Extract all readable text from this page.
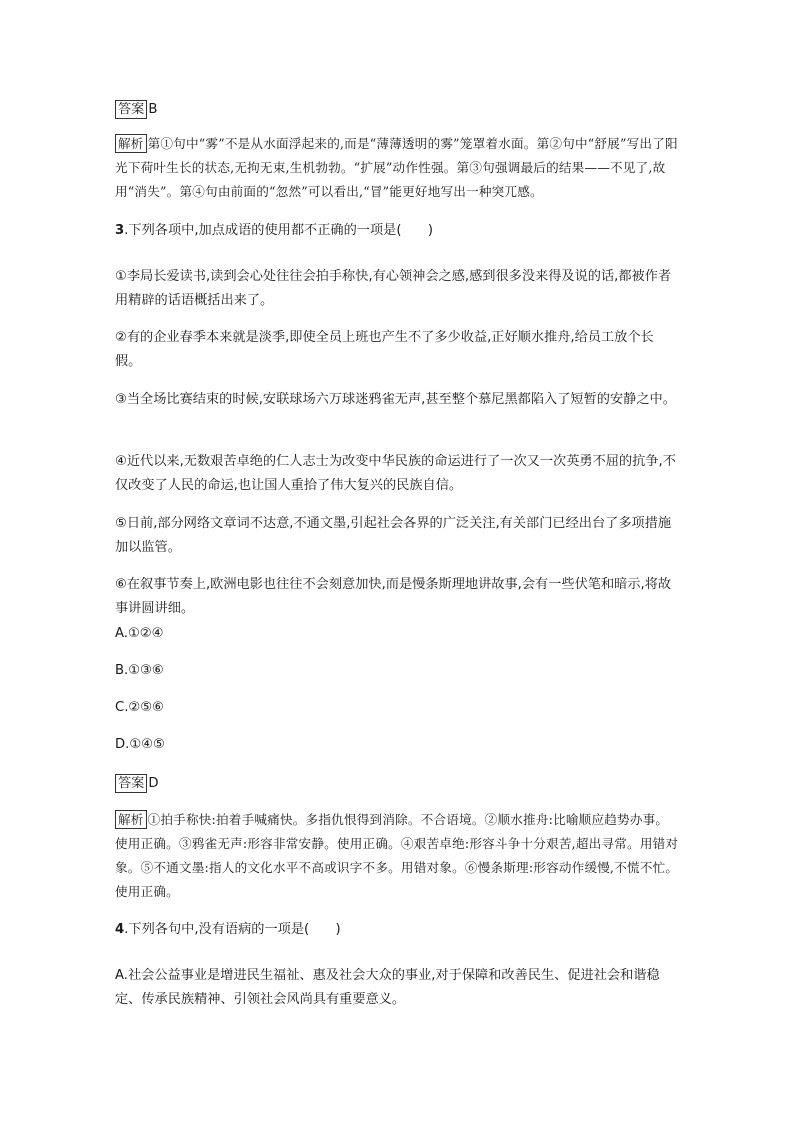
答案 B

解析 第①句中“雾”不是从水面浮起来的,而是“薄薄透明的雾”笼罩着水面。第②句中“舒展”写出了阳光下荷叶生长的状态,无拘无束,生机勃勃。“扩展”动作性强。第③句强调最后的结果——不见了,故用“消失”。第④句由前面的“忽然”可以看出,“冒”能更好地写出一种突兀感。

3.下列各项中,加点成语的使用都不正确的一项是(　　)

①李局长爱读书,读到会心处往往会拍手称快,有心领神会之感,感到很多没来得及说的话,都被作者用精辟的话语概括出来了。

②有的企业春季本来就是淡季,即使全员上班也产生不了多少收益,正好顺水推舟,给员工放个长假。

③当全场比赛结束的时候,安联球场六万球迷鸦雀无声,甚至整个慕尼黑都陷入了短暂的安静之中。

④近代以来,无数艰苦卓绝的仁人志士为改变中华民族的命运进行了一次又一次英勇不屈的抗争,不仅改变了人民的命运,也让国人重拾了伟大复兴的民族自信。

⑤日前,部分网络文章词不达意,不通文墨,引起社会各界的广泛关注,有关部门已经出台了多项措施加以监管。

⑥在叙事节奏上,欧洲电影也往往不会刻意加快,而是慢条斯理地讲故事,会有一些伏笔和暗示,将故事讲圆讲细。

A.①②④

B.①③⑥

C.②⑤⑥

D.①④⑤

答案 D

解析 ①拍手称快:拍着手喊痛快。多指仇恨得到消除。不合语境。②顺水推舟:比喻顺应趋势办事。使用正确。③鸦雀无声:形容非常安静。使用正确。④艰苦卓绝:形容斗争十分艰苦,超出寻常。用错对象。⑤不通文墨:指人的文化水平不高或识字不多。用错对象。⑥慢条斯理:形容动作缓慢,不慌不忙。使用正确。

4.下列各句中,没有语病的一项是(　　)

A.社会公益事业是增进民生福祉、惠及社会大众的事业,对于保障和改善民生、促进社会和谐稳定、传承民族精神、引领社会风尚具有重要意义。
